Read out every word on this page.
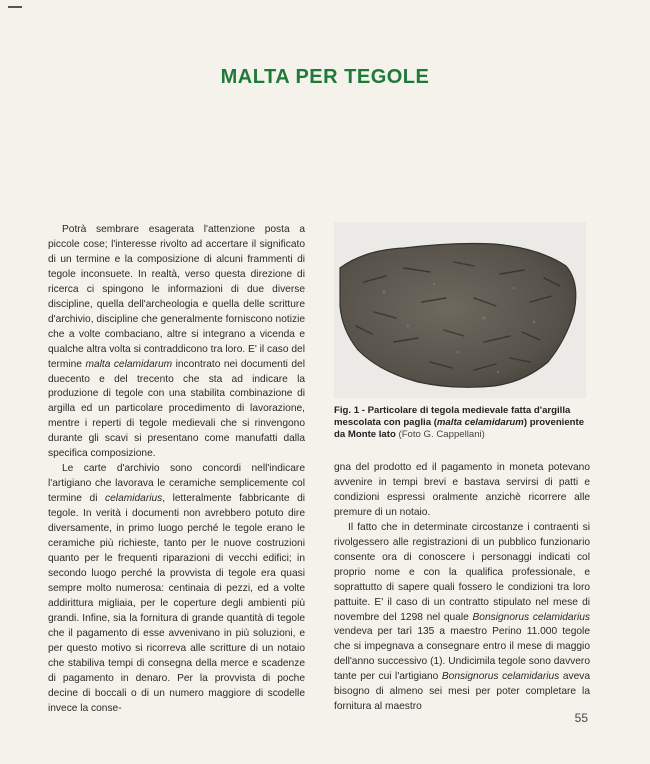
MALTA PER TEGOLE

Potrà sembrare esagerata l'attenzione posta a piccole cose; l'interesse rivolto ad accertare il significato di un termine e la composizione di alcuni frammenti di tegole inconsuete. In realtà, verso questa direzione di ricerca ci spingono le informazioni di due diverse discipline, quella dell'archeologia e quella delle scritture d'archivio, discipline che generalmente forniscono notizie che a volte combaciano, altre si integrano a vicenda e qualche altra volta si contraddicono tra loro. E' il caso del termine malta celamidarum incontrato nei documenti del duecento e del trecento che sta ad indicare la produzione di tegole con una stabilita combinazione di argilla ed un particolare procedimento di lavorazione, mentre i reperti di tegole medievali che si rinvengono durante gli scavi si presentano come manufatti dalla specifica composizione.

Le carte d'archivio sono concordi nell'indicare l'artigiano che lavorava le ceramiche semplicemente col termine di celamidarius, letteralmente fabbricante di tegole. In verità i documenti non avrebbero potuto dire diversamente, in primo luogo perché le tegole erano le ceramiche più richieste, tanto per le nuove costruzioni quanto per le frequenti riparazioni di vecchi edifici; in secondo luogo perché la provvista di tegole era quasi sempre molto numerosa: centinaia di pezzi, ed a volte addirittura migliaia, per le coperture degli ambienti più grandi. Infine, sia la fornitura di grande quantità di tegole che il pagamento di esse avvenivano in più soluzioni, e per questo motivo si ricorreva alle scritture di un notaio che stabiliva tempi di consegna della merce e scadenze di pagamento in denaro. Per la provvista di poche decine di boccali o di un numero maggiore di scodelle invece la conse-

Fig. 1 - Particolare di tegola medievale fatta d'argilla mescolata con paglia (malta celamidarum) proveniente da Monte Iato (Foto G. Cappellani)

gna del prodotto ed il pagamento in moneta potevano avvenire in tempi brevi e bastava servirsi di patti e condizioni espressi oralmente anzichè ricorrere alle premure di un notaio.

Il fatto che in determinate circostanze i contraenti si rivolgessero alle registrazioni di un pubblico funzionario consente ora di conoscere i personaggi indicati col proprio nome e con la qualifica professionale, e soprattutto di sapere quali fossero le condizioni tra loro pattuite. E' il caso di un contratto stipulato nel mese di novembre del 1298 nel quale Bonsignorus celamidarius vendeva per tarì 135 a maestro Perino 11.000 tegole che si impegnava a consegnare entro il mese di maggio dell'anno successivo (1). Undicimila tegole sono davvero tante per cui l'artigiano Bonsignorus celamidarius aveva bisogno di almeno sei mesi per poter completare la fornitura al maestro

55
